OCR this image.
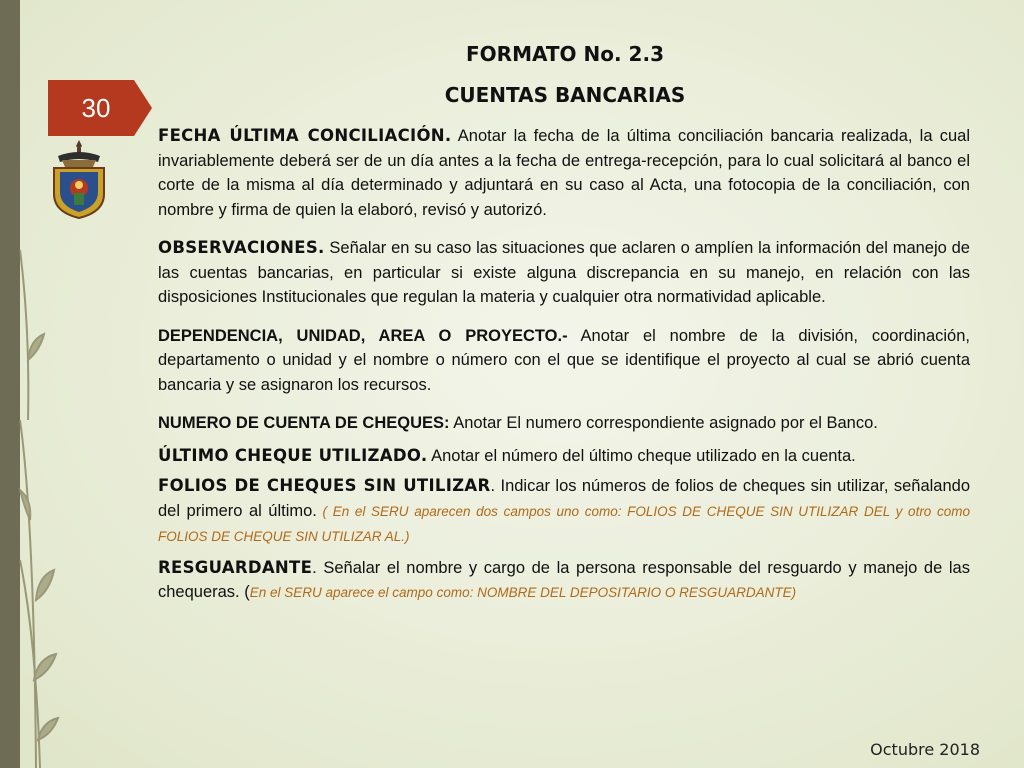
30
FORMATO No. 2.3
CUENTAS BANCARIAS

FECHA ÚLTIMA CONCILIACIÓN. Anotar la fecha de la última conciliación bancaria realizada, la cual invariablemente deberá ser de un día antes a la fecha de entrega-recepción, para lo cual solicitará al banco el corte de la misma al día determinado y adjuntará en su caso al Acta, una fotocopia de la conciliación, con nombre y firma de quien la elaboró, revisó y autorizó.

OBSERVACIONES. Señalar en su caso las situaciones que aclaren o amplíen la información del manejo de las cuentas bancarias, en particular si existe alguna discrepancia en su manejo, en relación con las disposiciones Institucionales que regulan la materia y cualquier otra normatividad aplicable.

DEPENDENCIA, UNIDAD, AREA O PROYECTO.- Anotar el nombre de la división, coordinación, departamento o unidad y el nombre o número con el que se identifique el proyecto al cual se abrió cuenta bancaria y se asignaron los recursos.

NUMERO DE CUENTA DE CHEQUES: Anotar El numero correspondiente asignado por el Banco.

ÚLTIMO CHEQUE UTILIZADO. Anotar el número del último cheque utilizado en la cuenta.

FOLIOS DE CHEQUES SIN UTILIZAR. Indicar los números de folios de cheques sin utilizar, señalando del primero al último. ( En el SERU aparecen dos campos uno como: FOLIOS DE CHEQUE SIN UTILIZAR DEL y otro como FOLIOS DE CHEQUE SIN UTILIZAR AL.)

RESGUARDANTE. Señalar el nombre y cargo de la persona responsable del resguardo y manejo de las chequeras. (En el SERU aparece el campo como: NOMBRE DEL DEPOSITARIO O RESGUARDANTE)

Octubre 2018
